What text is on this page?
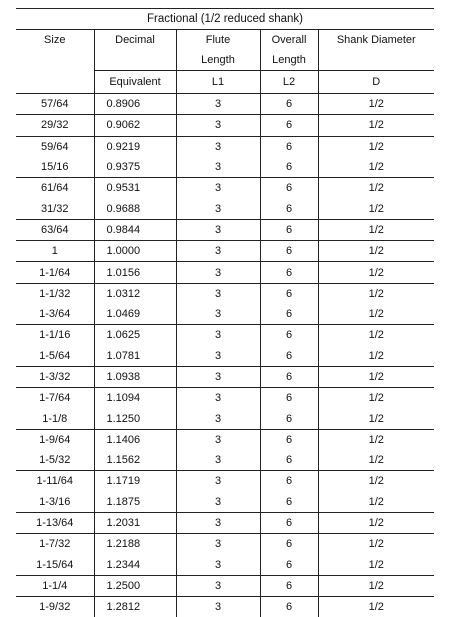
Fractional (1/2 reduced shank)				
Size	Decimal	Flute	Overall	Shank Diameter
		Length	Length	
	Equivalent	L1	L2	D
57/64	0.8906	3	6	1/2
29/32	0.9062	3	6	1/2
59/64	0.9219	3	6	1/2
15/16	0.9375	3	6	1/2
61/64	0.9531	3	6	1/2
31/32	0.9688	3	6	1/2
63/64	0.9844	3	6	1/2
1	1.0000	3	6	1/2
1-1/64	1.0156	3	6	1/2
1-1/32	1.0312	3	6	1/2
1-3/64	1.0469	3	6	1/2
1-1/16	1.0625	3	6	1/2
1-5/64	1.0781	3	6	1/2
1-3/32	1.0938	3	6	1/2
1-7/64	1.1094	3	6	1/2
1-1/8	1.1250	3	6	1/2
1-9/64	1.1406	3	6	1/2
1-5/32	1.1562	3	6	1/2
1-11/64	1.1719	3	6	1/2
1-3/16	1.1875	3	6	1/2
1-13/64	1.2031	3	6	1/2
1-7/32	1.2188	3	6	1/2
1-15/64	1.2344	3	6	1/2
1-1/4	1.2500	3	6	1/2
1-9/32	1.2812	3	6	1/2
